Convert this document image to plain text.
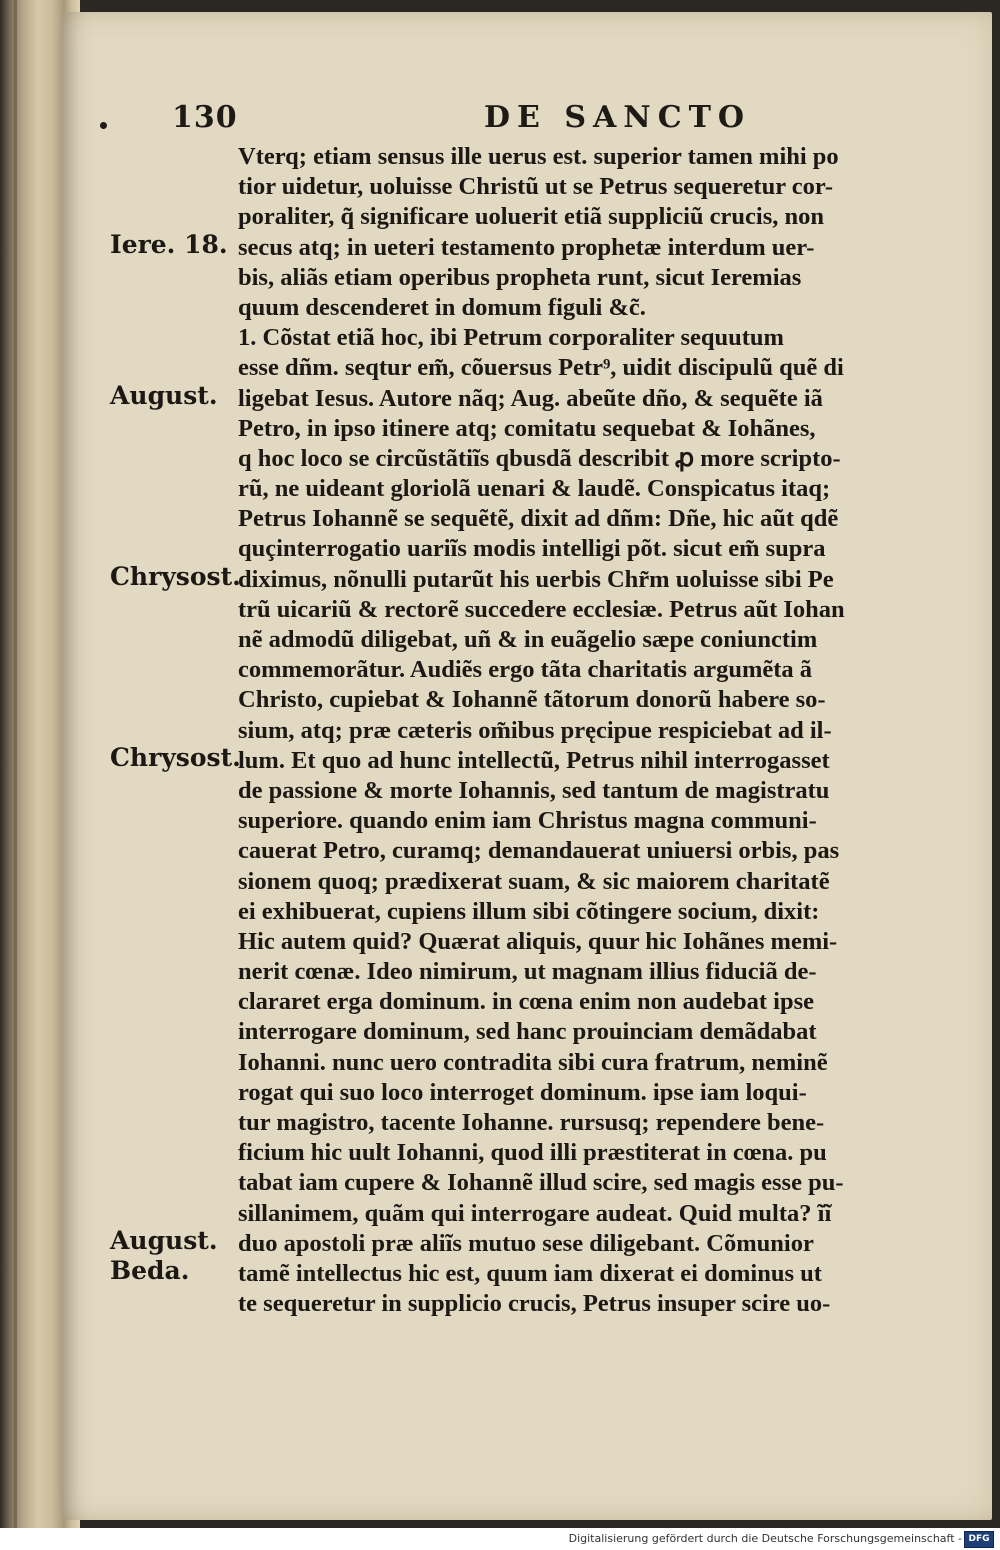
130	DE SANCTO
Vterq; etiam sensus ille uerus est. superior tamen mihi po
tior uidetur, uoluisse Christũ ut se Petrus sequeretur cor-
poraliter, q̃ significare uoluerit etiã suppliciũ crucis, non
secus atq; in ueteri testamento prophetæ interdum uer-
bis, aliãs etiam operibus propheta runt, sicut Ieremias
quum descenderet in domum figuli &c̃.
1. Cõstat etiã hoc, ibi Petrum corporaliter sequutum
esse dñm. seqtur em̃, cõuersus Petr⁹, uidit discipulũ quẽ di
ligebat Iesus. Autore nãq; Aug. abeũte dño, & sequẽte iã
Petro, in ipso itinere atq; comitatu sequebat & Iohãnes,
q hoc loco se circũstãtiĩs qbusdã describit ꝓ more scripto-
rũ, ne uideant gloriolã uenari & laudẽ. Conspicatus itaq;
Petrus Iohannẽ se sequẽtẽ, dixit ad dñm: Dñe, hic aũt qdẽ
quçinterrogatio uariĩs modis intelligi põt. sicut em̃ supra
diximus, nõnulli putarũt his uerbis Chr̃m uoluisse sibi Pe
trũ uicariũ & rectorẽ succedere ecclesiæ. Petrus aũt Iohan
nẽ admodũ diligebat, uñ & in euãgelio sæpe coniunctim
commemorãtur. Audiẽs ergo tãta charitatis argumẽta ã
Christo, cupiebat & Iohannẽ tãtorum donorũ habere so-
sium, atq; præ cæteris om̃ibus pręcipue respiciebat ad il-
lum. Et quo ad hunc intellectũ, Petrus nihil interrogasset
de passione & morte Iohannis, sed tantum de magistratu
superiore. quando enim iam Christus magna communi-
cauerat Petro, curamq; demandauerat uniuersi orbis, pas
sionem quoq; prædixerat suam, & sic maiorem charitatẽ
ei exhibuerat, cupiens illum sibi cõtingere socium, dixit:
Hic autem quid? Quærat aliquis, quur hic Iohãnes memi-
nerit cœnæ. Ideo nimirum, ut magnam illius fiduciã de-
clararet erga dominum. in cœna enim non audebat ipse
interrogare dominum, sed hanc prouinciam demãdabat
Iohanni. nunc uero contradita sibi cura fratrum, neminẽ
rogat qui suo loco interroget dominum. ipse iam loqui-
tur magistro, tacente Iohanne. rursusq; rependere bene-
ficium hic uult Iohanni, quod illi præstiterat in cœna. pu
tabat iam cupere & Iohannẽ illud scire, sed magis esse pu-
sillanimem, quãm qui interrogare audeat. Quid multa? ĩĩ
duo apostoli præ aliĩs mutuo sese diligebant. Cõmunior
tamẽ intellectus hic est, quum iam dixerat ei dominus ut
te sequeretur in supplicio crucis, Petrus insuper scire uo-
Iere. 18.
August.
Chrysost.
Chrysost.
August.
Beda.
Digitalisierung gefördert durch die Deutsche Forschungsgemeinschaft - DFG
